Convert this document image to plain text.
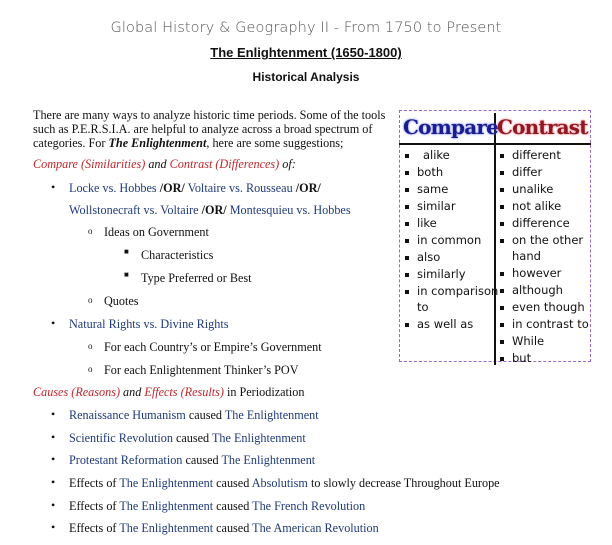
Global History & Geography II - From 1750 to Present
The Enlightenment (1650-1800)
Historical Analysis
There are many ways to analyze historic time periods. Some of the tools such as P.E.R.S.I.A. are helpful to analyze across a broad spectrum of categories. For The Enlightenment, here are some suggestions;
Compare (Similarities) and Contrast (Differences) of:
• Locke vs. Hobbes /OR/ Voltaire vs. Rousseau /OR/
Wollstonecraft vs. Voltaire /OR/ Montesquieu vs. Hobbes
o Ideas on Government
■ Characteristics
■ Type Preferred or Best
o Quotes
• Natural Rights vs. Divine Rights
o For each Country’s or Empire’s Government
o For each Enlightenment Thinker’s POV
Causes (Reasons) and Effects (Results) in Periodization
• Renaissance Humanism caused The Enlightenment
• Scientific Revolution caused The Enlightenment
• Protestant Reformation caused The Enlightenment
• Effects of The Enlightenment caused Absolutism to slowly decrease Throughout Europe
• Effects of The Enlightenment caused The French Revolution
• Effects of The Enlightenment caused The American Revolution
Compare
Contrast
alike
both
same
similar
like
in common
also
similarly
in comparison
to
as well as
different
differ
unalike
not alike
difference
on the other
hand
however
although
even though
in contrast to
While
but
